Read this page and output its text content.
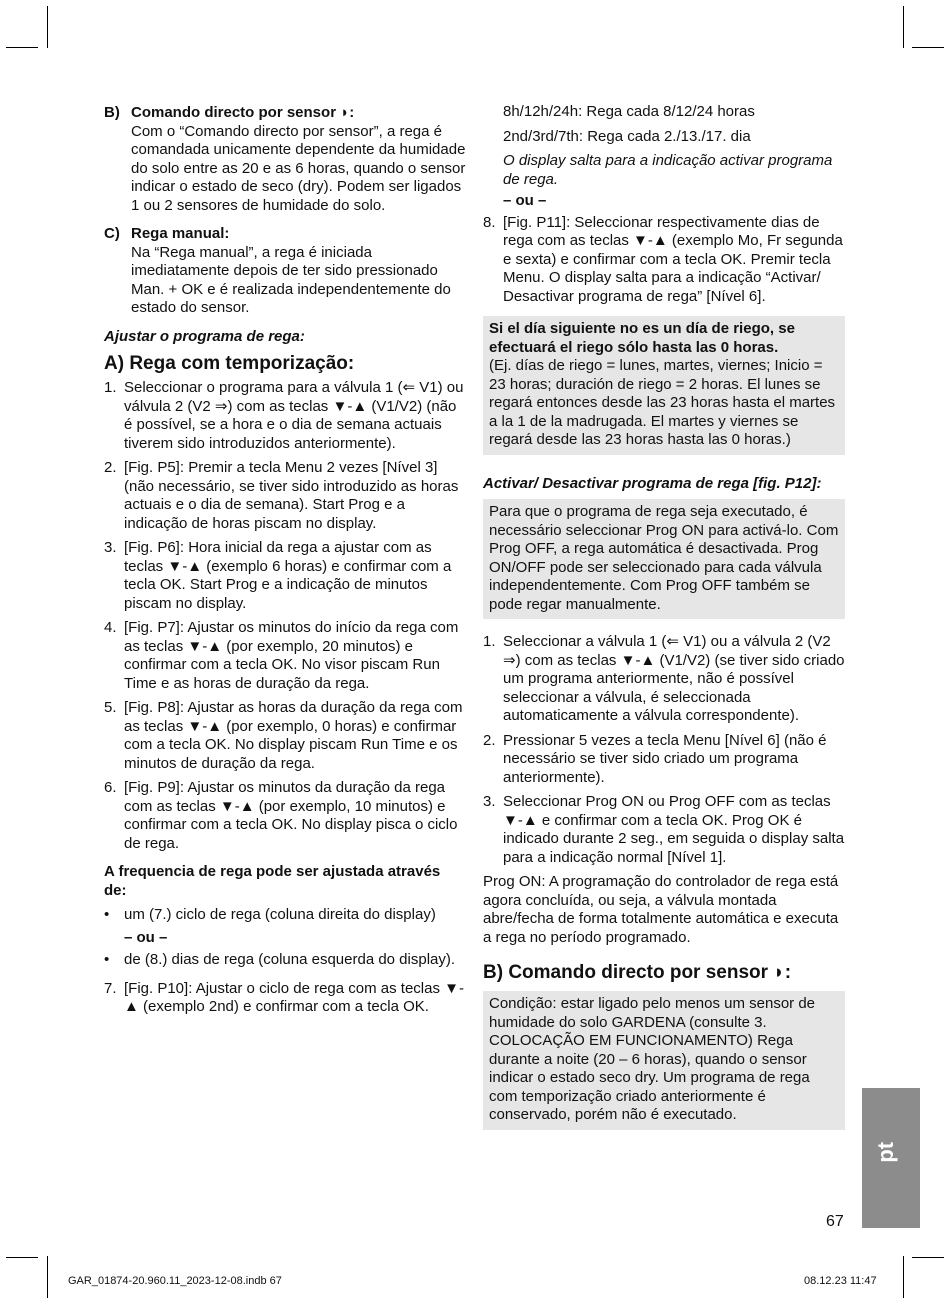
B) Comando directo por sensor ◗:

Com o “Comando directo por sensor”, a rega é comandada unicamente dependente da humidade do solo entre as 20 e as 6 horas, quando o sensor indicar o estado de seco (dry). Podem ser ligados 1 ou 2 sensores de humidade do solo.

C) Rega manual:

Na “Rega manual”, a rega é iniciada imediatamente depois de ter sido pressionado Man. + OK e é realizada independentemente do estado do sensor.

Ajustar o programa de rega:

A) Rega com temporização:

1. Seleccionar o programa para a válvula 1 (⇐ V1) ou válvula 2 (V2 ⇒) com as teclas ▼-▲ (V1/V2) (não é possível, se a hora e o dia de semana actuais tiverem sido introduzidos anteriormente).

2. [Fig. P5]: Premir a tecla Menu 2 vezes [Nível 3] (não necessário, se tiver sido introduzido as horas actuais e o dia de semana). Start Prog e a indicação de horas piscam no display.

3. [Fig. P6]: Hora inicial da rega a ajustar com as teclas ▼-▲ (exemplo 6 horas) e confirmar com a tecla OK. Start Prog e a indicação de minutos piscam no display.

4. [Fig. P7]: Ajustar os minutos do início da rega com as teclas ▼-▲ (por exemplo, 20 minutos) e confirmar com a tecla OK. No visor piscam Run Time e as horas de duração da rega.

5. [Fig. P8]: Ajustar as horas da duração da rega com as teclas ▼-▲ (por exemplo, 0 horas) e confirmar com a tecla OK. No display piscam Run Time e os minutos de duração da rega.

6. [Fig. P9]: Ajustar os minutos da duração da rega com as teclas ▼-▲ (por exemplo, 10 minutos) e confirmar com a tecla OK. No display pisca o ciclo de rega.

A frequencia de rega pode ser ajustada através de:

• um (7.) ciclo de rega (coluna direita do display)

– ou –

• de (8.) dias de rega (coluna esquerda do display).

7. [Fig. P10]: Ajustar o ciclo de rega com as teclas ▼-▲ (exemplo 2nd) e confirmar com a tecla OK.

8h/12h/24h: Rega cada 8/12/24 horas

2nd/3rd/7th: Rega cada 2./13./17. dia

O display salta para a indicação activar programa de rega.

– ou –

8. [Fig. P11]: Seleccionar respectivamente dias de rega com as teclas ▼-▲ (exemplo Mo, Fr segunda e sexta) e confirmar com a tecla OK. Premir tecla Menu. O display salta para a indicação “Activar/ Desactivar programa de rega” [Nível 6].

Si el día siguiente no es un día de riego, se efectuará el riego sólo hasta las 0 horas.

(Ej. días de riego = lunes, martes, viernes; Inicio = 23 horas; duración de riego = 2 horas. El lunes se regará entonces desde las 23 horas hasta el martes a la 1 de la madrugada. El martes y viernes se regará desde las 23 horas hasta las 0 horas.)

Activar/ Desactivar programa de rega [fig. P12]:

Para que o programa de rega seja executado, é necessário seleccionar Prog ON para activá-lo. Com Prog OFF, a rega automática é desactivada. Prog ON/OFF pode ser seleccionado para cada válvula independentemente. Com Prog OFF também se pode regar manualmente.

1. Seleccionar a válvula 1 (⇐ V1) ou a válvula 2 (V2 ⇒) com as teclas ▼-▲ (V1/V2) (se tiver sido criado um programa anteriormente, não é possível seleccionar a válvula, é seleccionada automaticamente a válvula correspondente).

2. Pressionar 5 vezes a tecla Menu [Nível 6] (não é necessário se tiver sido criado um programa anteriormente).

3. Seleccionar Prog ON ou Prog OFF com as teclas ▼-▲ e confirmar com a tecla OK. Prog OK é indicado durante 2 seg., em seguida o display salta para a indicação normal [Nível 1].

Prog ON: A programação do controlador de rega está agora concluída, ou seja, a válvula montada abre/fecha de forma totalmente automática e executa a rega no período programado.

B) Comando directo por sensor ◗:

Condição: estar ligado pelo menos um sensor de humidade do solo GARDENA (consulte 3. COLOCAÇÃO EM FUNCIONAMENTO) Rega durante a noite (20 – 6 horas), quando o sensor indicar o estado seco dry. Um programa de rega com temporização criado anteriormente é conservado, porém não é executado.

pt
67
GAR_01874-20.960.11_2023-12-08.indb 67	08.12.23 11:47
